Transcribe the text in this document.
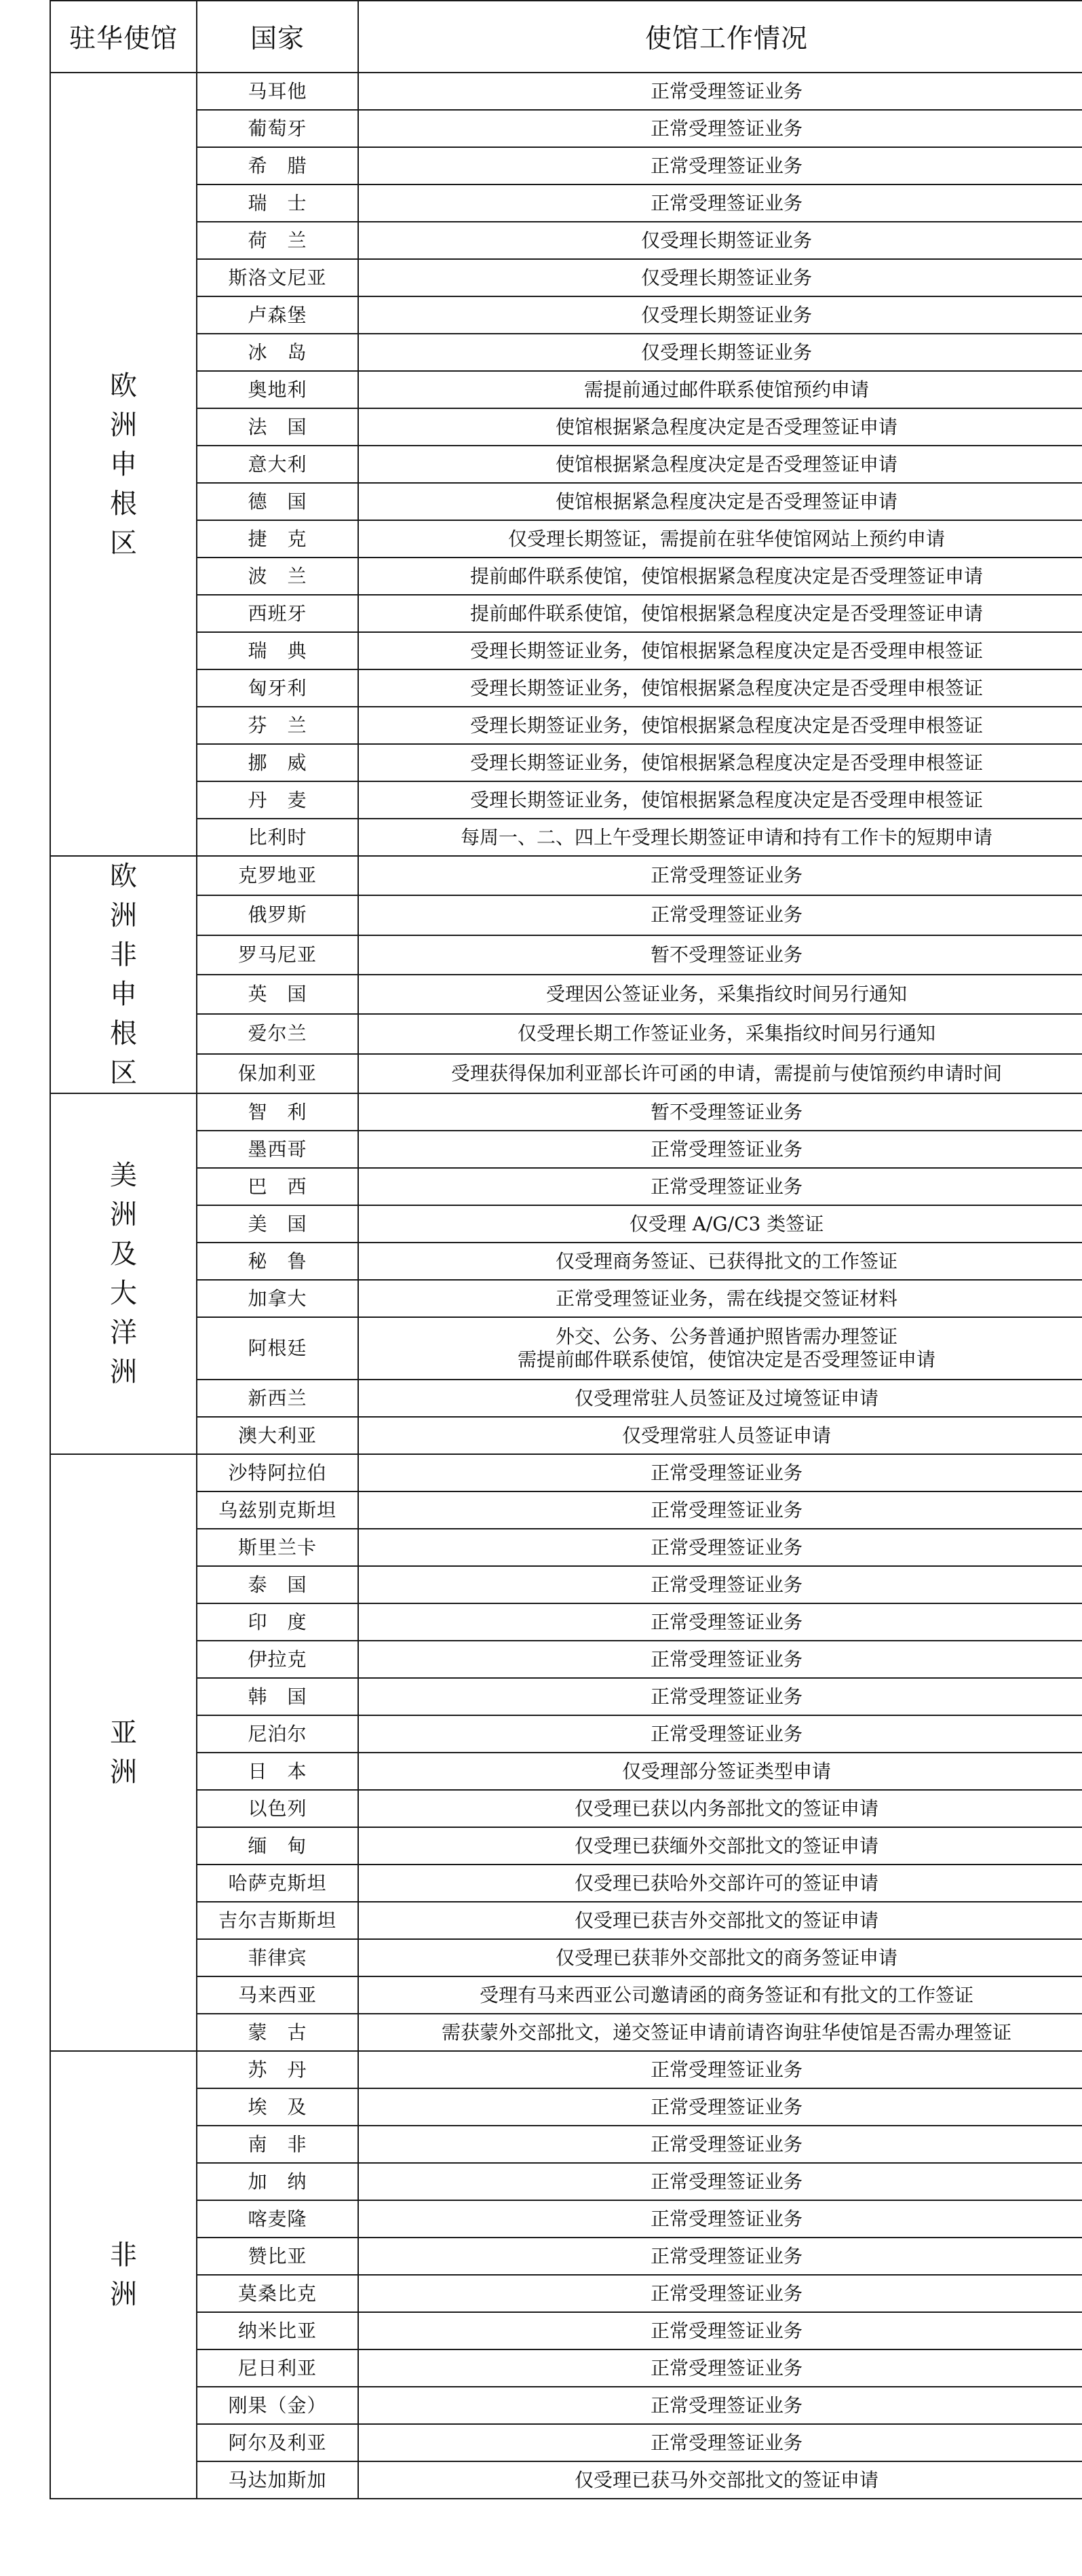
驻华使馆	国家	使馆工作情况
欧洲申根区	马耳他	正常受理签证业务

	葡萄牙	正常受理签证业务

	希　腊	正常受理签证业务

	瑞　士	正常受理签证业务

	荷　兰	仅受理长期签证业务

	斯洛文尼亚	仅受理长期签证业务

	卢森堡	仅受理长期签证业务

	冰　岛	仅受理长期签证业务

	奥地利	需提前通过邮件联系使馆预约申请

	法　国	使馆根据紧急程度决定是否受理签证申请

	意大利	使馆根据紧急程度决定是否受理签证申请

	德　国	使馆根据紧急程度决定是否受理签证申请

	捷　克	仅受理长期签证，需提前在驻华使馆网站上预约申请

	波　兰	提前邮件联系使馆，使馆根据紧急程度决定是否受理签证申请

	西班牙	提前邮件联系使馆，使馆根据紧急程度决定是否受理签证申请

	瑞　典	受理长期签证业务，使馆根据紧急程度决定是否受理申根签证

	匈牙利	受理长期签证业务，使馆根据紧急程度决定是否受理申根签证

	芬　兰	受理长期签证业务，使馆根据紧急程度决定是否受理申根签证

	挪　威	受理长期签证业务，使馆根据紧急程度决定是否受理申根签证

	丹　麦	受理长期签证业务，使馆根据紧急程度决定是否受理申根签证

	比利时	每周一、二、四上午受理长期签证申请和持有工作卡的短期申请

欧洲非申根区	克罗地亚	正常受理签证业务

	俄罗斯	正常受理签证业务

	罗马尼亚	暂不受理签证业务

	英　国	受理因公签证业务，采集指纹时间另行通知

	爱尔兰	仅受理长期工作签证业务，采集指纹时间另行通知

	保加利亚	受理获得保加利亚部长许可函的申请，需提前与使馆预约申请时间

美洲及大洋洲	智　利	暂不受理签证业务

	墨西哥	正常受理签证业务

	巴　西	正常受理签证业务

	美　国	仅受理 A/G/C3 类签证

	秘　鲁	仅受理商务签证、已获得批文的工作签证

	加拿大	正常受理签证业务，需在线提交签证材料

	阿根廷	外交、公务、公务普通护照皆需办理签证
需提前邮件联系使馆，使馆决定是否受理签证申请

	新西兰	仅受理常驻人员签证及过境签证申请

	澳大利亚	仅受理常驻人员签证申请

亚洲	沙特阿拉伯	正常受理签证业务

	乌兹别克斯坦	正常受理签证业务

	斯里兰卡	正常受理签证业务

	泰　国	正常受理签证业务

	印　度	正常受理签证业务

	伊拉克	正常受理签证业务

	韩　国	正常受理签证业务

	尼泊尔	正常受理签证业务

	日　本	仅受理部分签证类型申请

	以色列	仅受理已获以内务部批文的签证申请

	缅　甸	仅受理已获缅外交部批文的签证申请

	哈萨克斯坦	仅受理已获哈外交部许可的签证申请

	吉尔吉斯斯坦	仅受理已获吉外交部批文的签证申请

	菲律宾	仅受理已获菲外交部批文的商务签证申请

	马来西亚	受理有马来西亚公司邀请函的商务签证和有批文的工作签证

	蒙　古	需获蒙外交部批文，递交签证申请前请咨询驻华使馆是否需办理签证

非洲	苏　丹	正常受理签证业务

	埃　及	正常受理签证业务

	南　非	正常受理签证业务

	加　纳	正常受理签证业务

	喀麦隆	正常受理签证业务

	赞比亚	正常受理签证业务

	莫桑比克	正常受理签证业务

	纳米比亚	正常受理签证业务

	尼日利亚	正常受理签证业务

	刚果（金）	正常受理签证业务

	阿尔及利亚	正常受理签证业务

	马达加斯加	仅受理已获马外交部批文的签证申请
